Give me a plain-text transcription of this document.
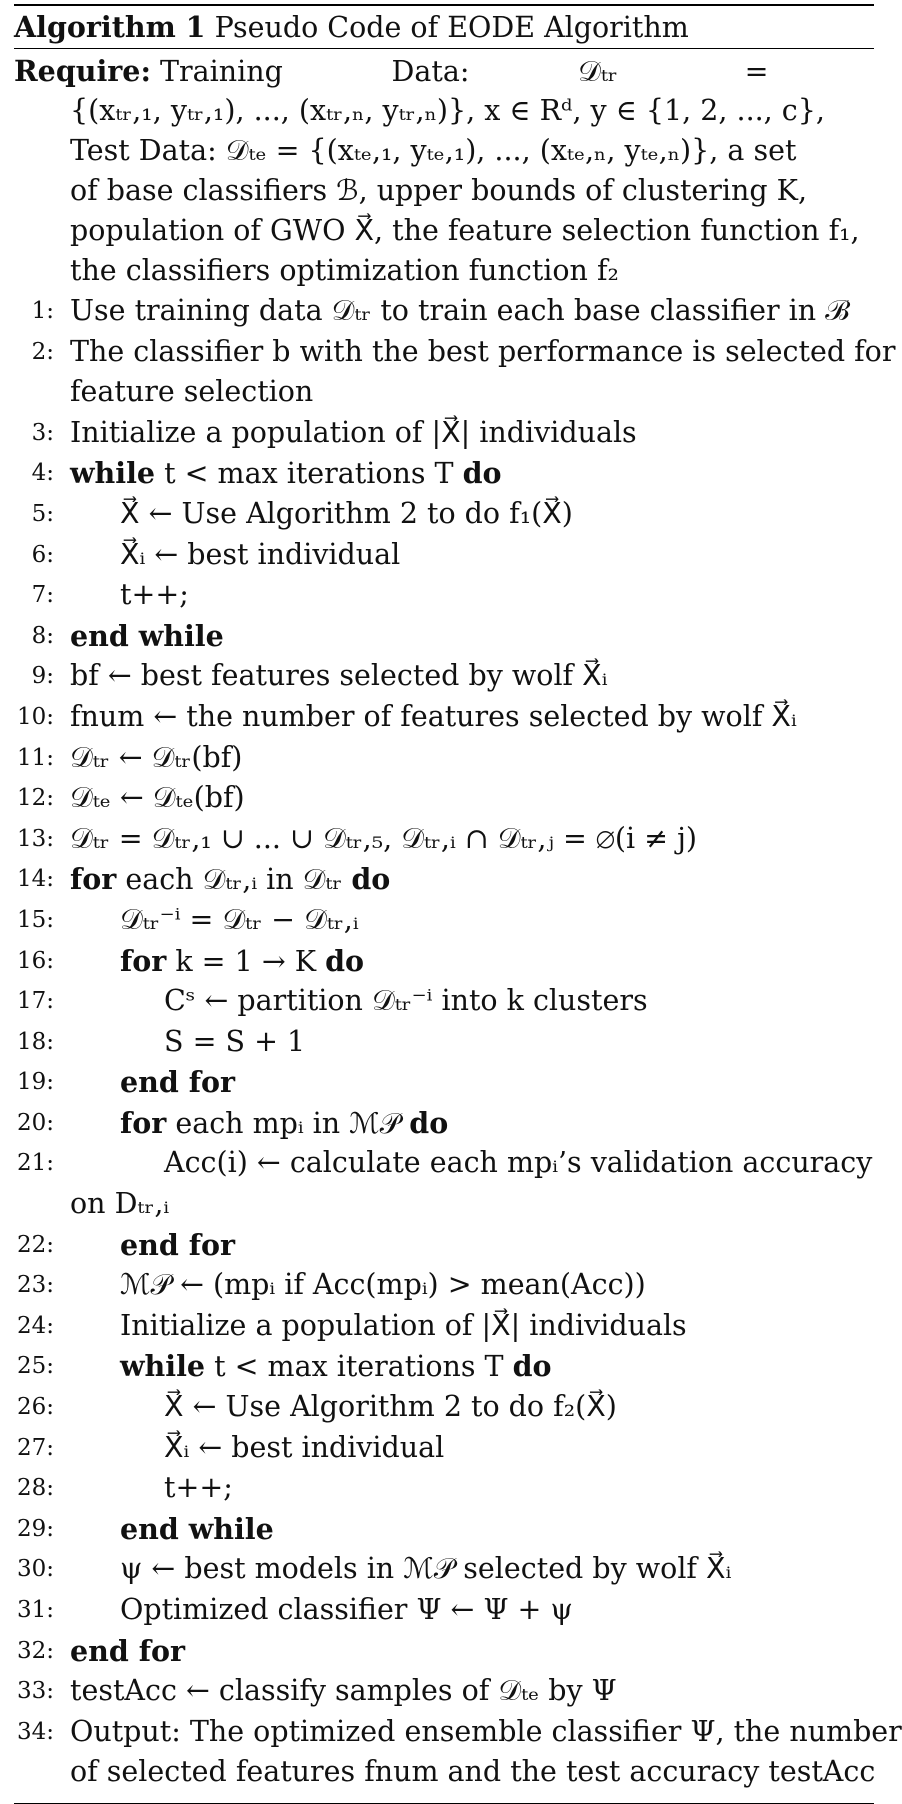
Algorithm 1 Pseudo Code of EODE Algorithm
Require: Training            Data:            𝒟ₜᵣ              =
{(xₜᵣ,₁, yₜᵣ,₁), ..., (xₜᵣ,ₙ, yₜᵣ,ₙ)}, x ∈ Rᵈ, y ∈ {1, 2, ..., c},
Test Data: 𝒟ₜₑ = {(xₜₑ,₁, yₜₑ,₁), ..., (xₜₑ,ₙ, yₜₑ,ₙ)}, a set
of base classifiers ℬ, upper bounds of clustering K,
population of GWO X⃗, the feature selection function f₁,
the classifiers optimization function f₂
1: Use training data 𝒟ₜᵣ to train each base classifier in ℬ
2: The classifier b with the best performance is selected for
feature selection
3: Initialize a population of |X⃗| individuals
4: while t < max iterations T do
5: X⃗ ← Use Algorithm 2 to do f₁(X⃗)
6: X⃗ᵢ ← best individual
7: t++;
8: end while
9: bf ← best features selected by wolf X⃗ᵢ
10: fnum ← the number of features selected by wolf X⃗ᵢ
11: 𝒟ₜᵣ ← 𝒟ₜᵣ(bf)
12: 𝒟ₜₑ ← 𝒟ₜₑ(bf)
13: 𝒟ₜᵣ = 𝒟ₜᵣ,₁ ∪ ... ∪ 𝒟ₜᵣ,₅, 𝒟ₜᵣ,ᵢ ∩ 𝒟ₜᵣ,ⱼ = ∅(i ≠ j)
14: for each 𝒟ₜᵣ,ᵢ in 𝒟ₜᵣ do
15: 𝒟ₜᵣ⁻ⁱ = 𝒟ₜᵣ − 𝒟ₜᵣ,ᵢ
16: for k = 1 → K do
17:	Cˢ ← partition 𝒟ₜᵣ⁻ⁱ into k clusters
18:	S = S + 1
19: end for
20: for each mpᵢ in ℳ𝒫 do
21:	Acc(i) ← calculate each mpᵢ’s validation accuracy
on Dₜᵣ,ᵢ
22: end for
23: ℳ𝒫 ← (mpᵢ if Acc(mpᵢ) > mean(Acc))
24: Initialize a population of |X⃗| individuals
25: while t < max iterations T do
26:	X⃗ ← Use Algorithm 2 to do f₂(X⃗)
27:	X⃗ᵢ ← best individual
28:	t++;
29: end while
30: ψ ← best models in ℳ𝒫 selected by wolf X⃗ᵢ
31: Optimized classifier Ψ ← Ψ + ψ
32: end for
33: testAcc ← classify samples of 𝒟ₜₑ by Ψ
34: Output: The optimized ensemble classifier Ψ, the number
of selected features fnum and the test accuracy testAcc
